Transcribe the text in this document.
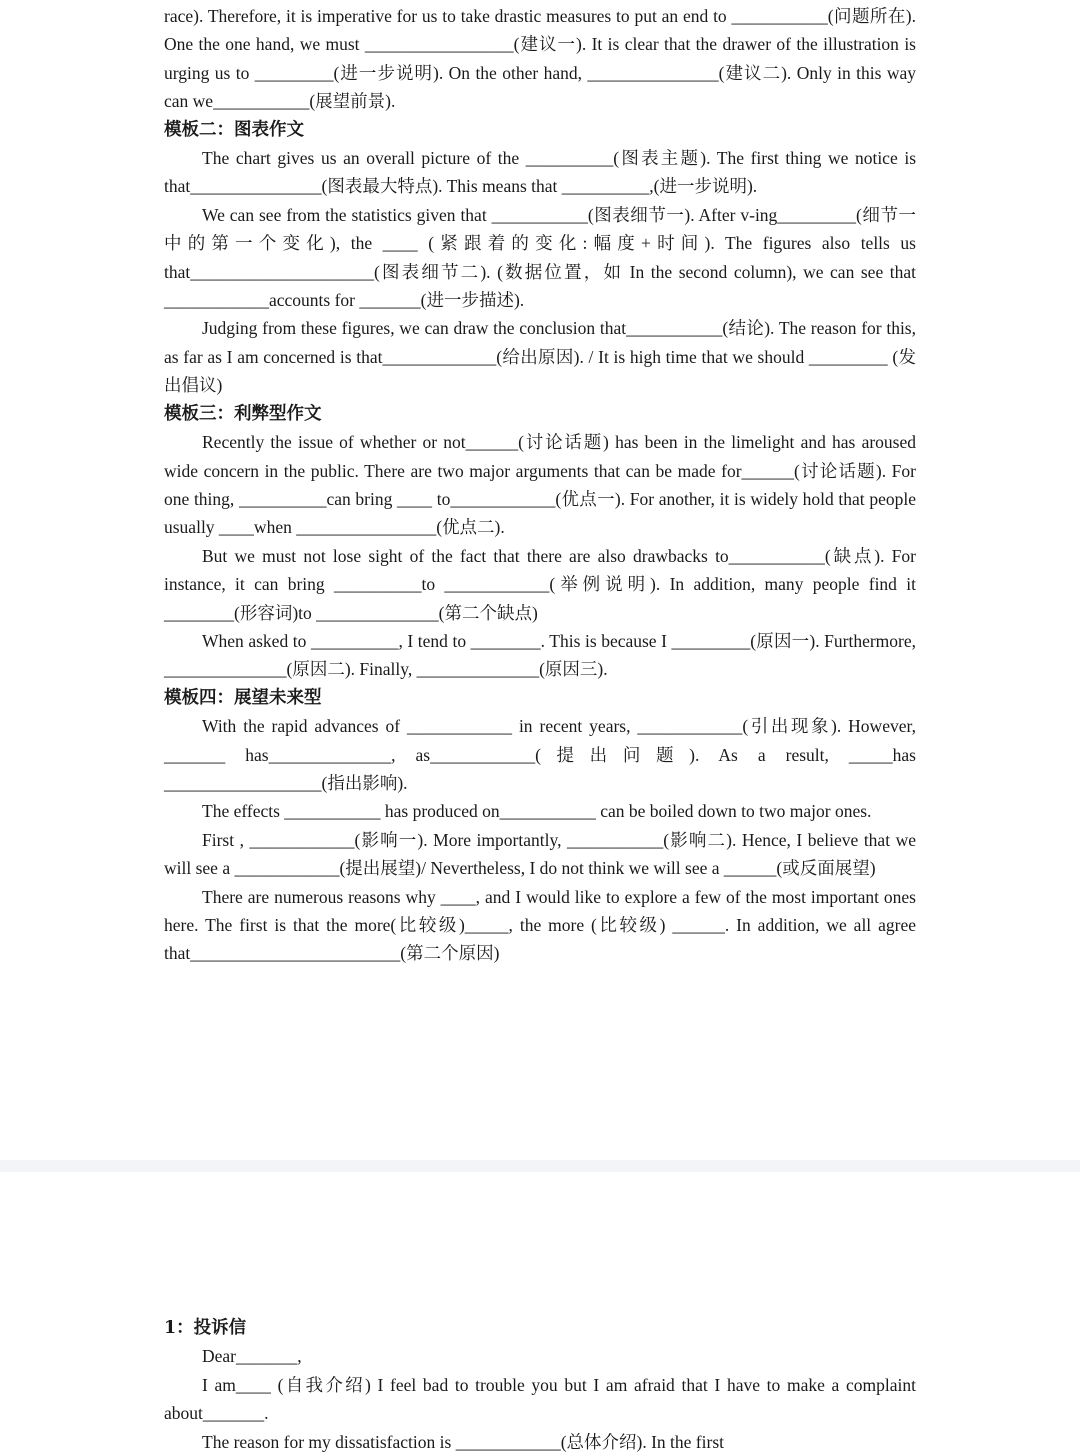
race). Therefore, it is imperative for us to take drastic measures to put an end to ___________(问题所在). One the one hand, we must _________________(建议一). It is clear that the drawer of the illustration is urging us to _________(进一步说明). On the other hand, _______________(建议二). Only in this way can we___________(展望前景).

模板二：图表作文

The chart gives us an overall picture of the __________(图表主题). The first thing we notice is that_______________(图表最大特点). This means that __________,(进一步说明).

We can see from the statistics given that ___________(图表细节一). After v-ing_________(细节一中的第一个变化), the ____ (紧跟着的变化:幅度+时间). The figures also tells us that_____________________(图表细节二). (数据位置，如 In the second column), we can see that ____________accounts for _______(进一步描述).

Judging from these figures, we can draw the conclusion that___________(结论). The reason for this, as far as I am concerned is that_____________(给出原因). / It is high time that we should _________ (发出倡议)

模板三：利弊型作文

Recently the issue of whether or not______(讨论话题) has been in the limelight and has aroused wide concern in the public. There are two major arguments that can be made for______(讨论话题). For one thing, __________can bring ____ to____________(优点一). For another, it is widely hold that people usually ____when ________________(优点二).

But we must not lose sight of the fact that there are also drawbacks to___________(缺点). For instance, it can bring __________to ____________(举例说明). In addition, many people find it ________(形容词)to ______________(第二个缺点)

When asked to __________, I tend to ________. This is because I _________(原因一). Furthermore, ______________(原因二). Finally, ______________(原因三).

模板四：展望未来型

With the rapid advances of ____________ in recent years, ____________(引出现象). However, _______ has______________, as____________(提出问题). As a result, _____has __________________(指出影响).

The effects ___________ has produced on___________ can be boiled down to two major ones.

First , ____________(影响一). More importantly, ___________(影响二). Hence, I believe that we will see a ____________(提出展望)/ Nevertheless, I do not think we will see a ______(或反面展望)

There are numerous reasons why ____, and I would like to explore a few of the most important ones here. The first is that the more(比较级)_____, the more (比较级) ______. In addition, we all agree that________________________(第二个原因)

1：投诉信

Dear_______,

I am____ (自我介绍) I feel bad to trouble you but I am afraid that I have to make a complaint about_______.

The reason for my dissatisfaction is ____________(总体介绍). In the first
